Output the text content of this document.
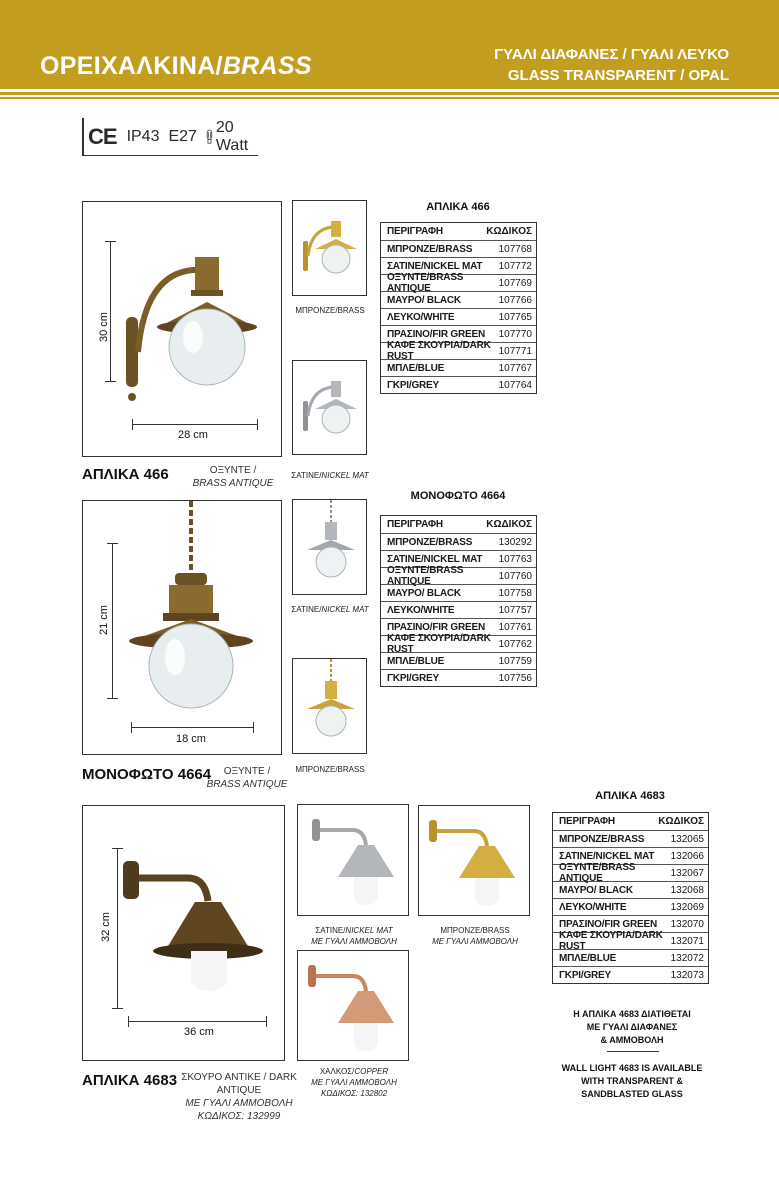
ΟΡΕΙΧΑΛΚΙΝΑ/BRASS	ΓΥΑΛΙ ΔΙΑΦΑΝΕΣ / ΓΥΑΛΙ ΛΕΥΚΟ
GLASS TRANSPARENT / OPAL
CE IP43 E27
20 Watt
30 cm
28 cm
ΑΠΛΙΚΑ 466	ΟΞΥΝΤΕ /
BRASS ANTIQUE
ΜΠΡΟΝΖΕ/BRASS
ΣΑΤΙΝΕ/NICKEL MAT
ΑΠΛΙΚΑ 466
ΠΕΡΙΓΡΑΦΗ	ΚΩΔΙΚΟΣ
ΜΠΡΟΝΖΕ/BRASS	107768
ΣΑΤΙΝΕ/NICKEL MAT 107772
ΟΞΥΝΤΕ/BRASS ANTIQUE	107769
ΜΑΥΡΟ/ BLACK	107766
ΛΕΥΚΟ/WHITE	107765
ΠΡΑΣΙΝΟ/FIR GREEN 107770
ΚΑΦΕ ΣΚΟΥΡΙΑ/DARK RUST	107771
ΜΠΛΕ/BLUE	107767
ΓΚΡΙ/GREY	107764
21 cm
18 cm
ΜΟΝΟΦΩΤΟ 4664	ΟΞΥΝΤΕ /
BRASS ANTIQUE
ΣΑΤΙΝΕ/NICKEL MAT
ΜΠΡΟΝΖΕ/BRASS
ΜΟΝΟΦΩΤΟ 4664
ΠΕΡΙΓΡΑΦΗ	ΚΩΔΙΚΟΣ
ΜΠΡΟΝΖΕ/BRASS	130292
ΣΑΤΙΝΕ/NICKEL MAT 107763
ΟΞΥΝΤΕ/BRASS ANTIQUE	107760
ΜΑΥΡΟ/ BLACK	107758
ΛΕΥΚΟ/WHITE	107757
ΠΡΑΣΙΝΟ/FIR GREEN 107761
ΚΑΦΕ ΣΚΟΥΡΙΑ/DARK RUST	107762
ΜΠΛΕ/BLUE	107759
ΓΚΡΙ/GREY	107756
32 cm
36 cm
ΑΠΛΙΚΑ 4683 ΣΚΟΥΡΟ ΑΝΤΙΚΕ / DARK ANTIQUE
ΜΕ ΓΥΑΛΙ ΑΜΜΟΒΟΛΗ
ΚΩΔΙΚΟΣ: 132999
ΣΑΤΙΝΕ/NICKEL MAT
ΜΕ ΓΥΑΛΙ ΑΜΜΟΒΟΛΗ
ΜΠΡΟΝΖΕ/BRASS
ΜΕ ΓΥΑΛΙ ΑΜΜΟΒΟΛΗ
ΧΑΛΚΟΣ/COPPER
ΜΕ ΓΥΑΛΙ ΑΜΜΟΒΟΛΗ
ΚΩΔΙΚΟΣ: 132802
ΑΠΛΙΚΑ 4683
ΠΕΡΙΓΡΑΦΗ	ΚΩΔΙΚΟΣ
ΜΠΡΟΝΖΕ/BRASS	132065
ΣΑΤΙΝΕ/NICKEL MAT 132066
ΟΞΥΝΤΕ/BRASS ANTIQUE	132067
ΜΑΥΡΟ/ BLACK	132068
ΛΕΥΚΟ/WHITE	132069
ΠΡΑΣΙΝΟ/FIR GREEN 132070
ΚΑΦΕ ΣΚΟΥΡΙΑ/DARK RUST	132071
ΜΠΛΕ/BLUE	132072
ΓΚΡΙ/GREY	132073
Η ΑΠΛΙΚΑ 4683 ΔΙΑΤΙΘΕΤΑΙ
ΜΕ ΓΥΑΛΙ ΔΙΑΦΑΝΕΣ
& ΑΜΜΟΒΟΛΗ
WALL LIGHT 4683 IS AVAILABLE
WITH TRANSPARENT &
SANDBLASTED GLASS
